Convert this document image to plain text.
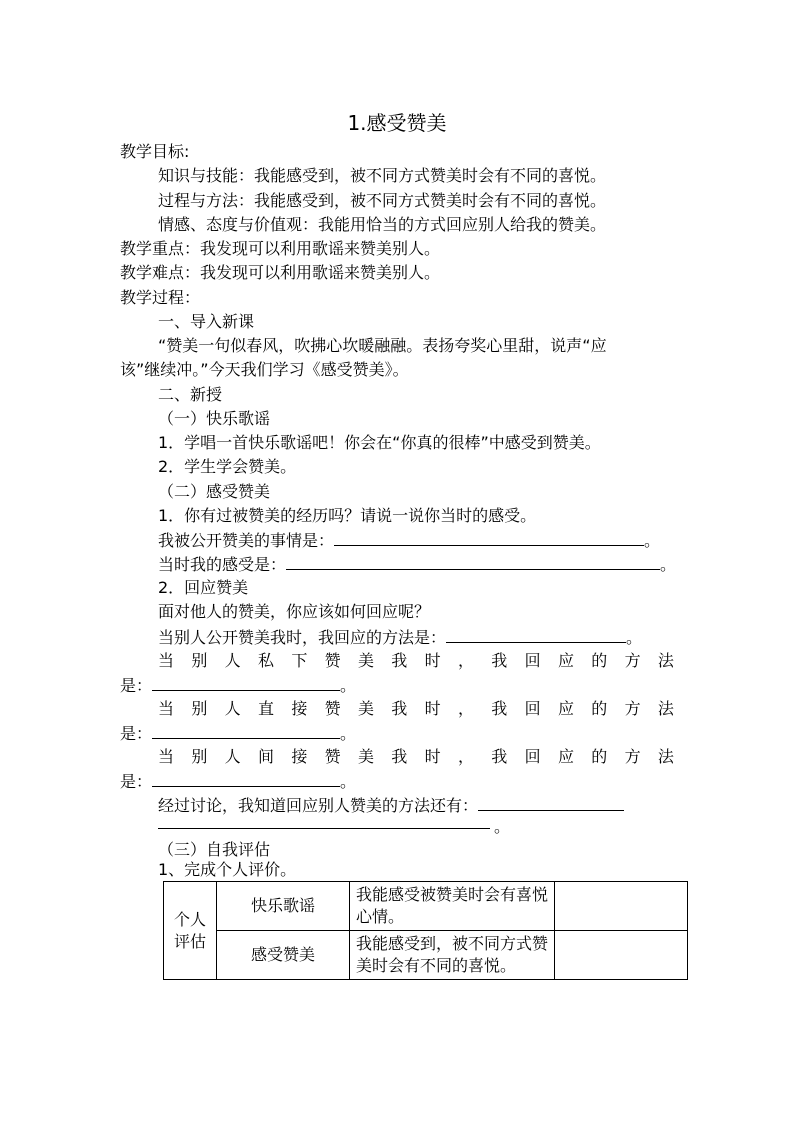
1.感受赞美
教学目标:
知识与技能：我能感受到，被不同方式赞美时会有不同的喜悦。
过程与方法：我能感受到，被不同方式赞美时会有不同的喜悦。
情感、态度与价值观：我能用恰当的方式回应别人给我的赞美。
教学重点：我发现可以利用歌谣来赞美别人。
教学难点：我发现可以利用歌谣来赞美别人。
教学过程：
一、导入新课
“赞美一句似春风，吹拂心坎暖融融。表扬夸奖心里甜，说声“应
该”继续冲。”今天我们学习《感受赞美》。
二、新授
（一）快乐歌谣
1．学唱一首快乐歌谣吧！你会在“你真的很棒”中感受到赞美。
2．学生学会赞美。
（二）感受赞美
1．你有过被赞美的经历吗？请说一说你当时的感受。
我被公开赞美的事情是：	。
当时我的感受是：	。
2．回应赞美
面对他人的赞美，你应该如何回应呢？
当别人公开赞美我时，我回应的方法是：	。
当 别 人 私 下 赞 美 我 时 ， 我 回 应 的 方 法
是：	。
当 别 人 直 接 赞 美 我 时 ， 我 回 应 的 方 法
是：	。
当 别 人 间 接 赞 美 我 时 ， 我 回 应 的 方 法
是：	。
经过讨论，我知道回应别人赞美的方法还有：
。
（三）自我评估
1、完成个人评价。
个人评估	快乐歌谣	我能感受被赞美时会有喜悦心情。	
	感受赞美	我能感受到，被不同方式赞美时会有不同的喜悦。	
